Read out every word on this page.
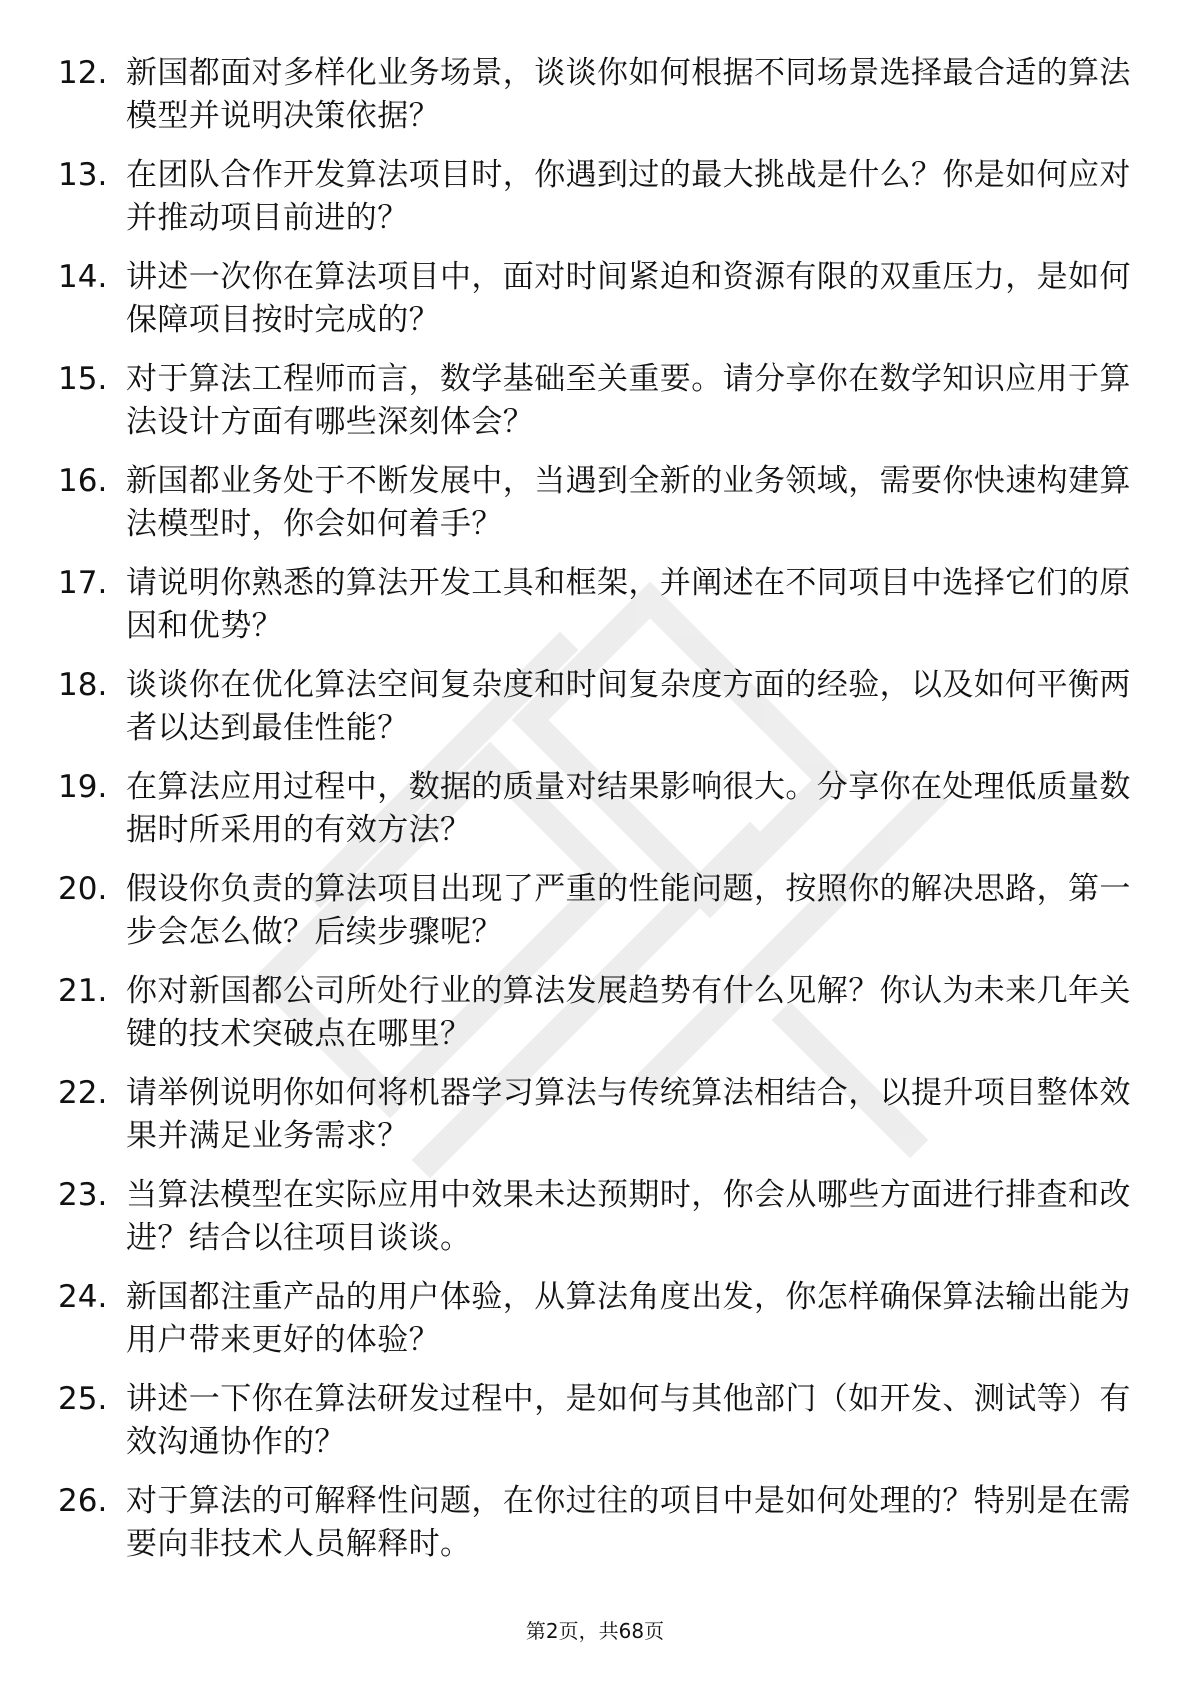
12. 新国都面对多样化业务场景，谈谈你如何根据不同场景选择最合适的算法模型并说明决策依据？
13. 在团队合作开发算法项目时，你遇到过的最大挑战是什么？你是如何应对并推动项目前进的？
14. 讲述一次你在算法项目中，面对时间紧迫和资源有限的双重压力，是如何保障项目按时完成的？
15. 对于算法工程师而言，数学基础至关重要。请分享你在数学知识应用于算法设计方面有哪些深刻体会？
16. 新国都业务处于不断发展中，当遇到全新的业务领域，需要你快速构建算法模型时，你会如何着手？
17. 请说明你熟悉的算法开发工具和框架，并阐述在不同项目中选择它们的原因和优势？
18. 谈谈你在优化算法空间复杂度和时间复杂度方面的经验，以及如何平衡两者以达到最佳性能？
19. 在算法应用过程中，数据的质量对结果影响很大。分享你在处理低质量数据时所采用的有效方法？
20. 假设你负责的算法项目出现了严重的性能问题，按照你的解决思路，第一步会怎么做？后续步骤呢？
21. 你对新国都公司所处行业的算法发展趋势有什么见解？你认为未来几年关键的技术突破点在哪里？
22. 请举例说明你如何将机器学习算法与传统算法相结合，以提升项目整体效果并满足业务需求？
23. 当算法模型在实际应用中效果未达预期时，你会从哪些方面进行排查和改进？结合以往项目谈谈。
24. 新国都注重产品的用户体验，从算法角度出发，你怎样确保算法输出能为用户带来更好的体验？
25. 讲述一下你在算法研发过程中，是如何与其他部门（如开发、测试等）有效沟通协作的？
26. 对于算法的可解释性问题，在你过往的项目中是如何处理的？特别是在需要向非技术人员解释时。
第2页，共68页
